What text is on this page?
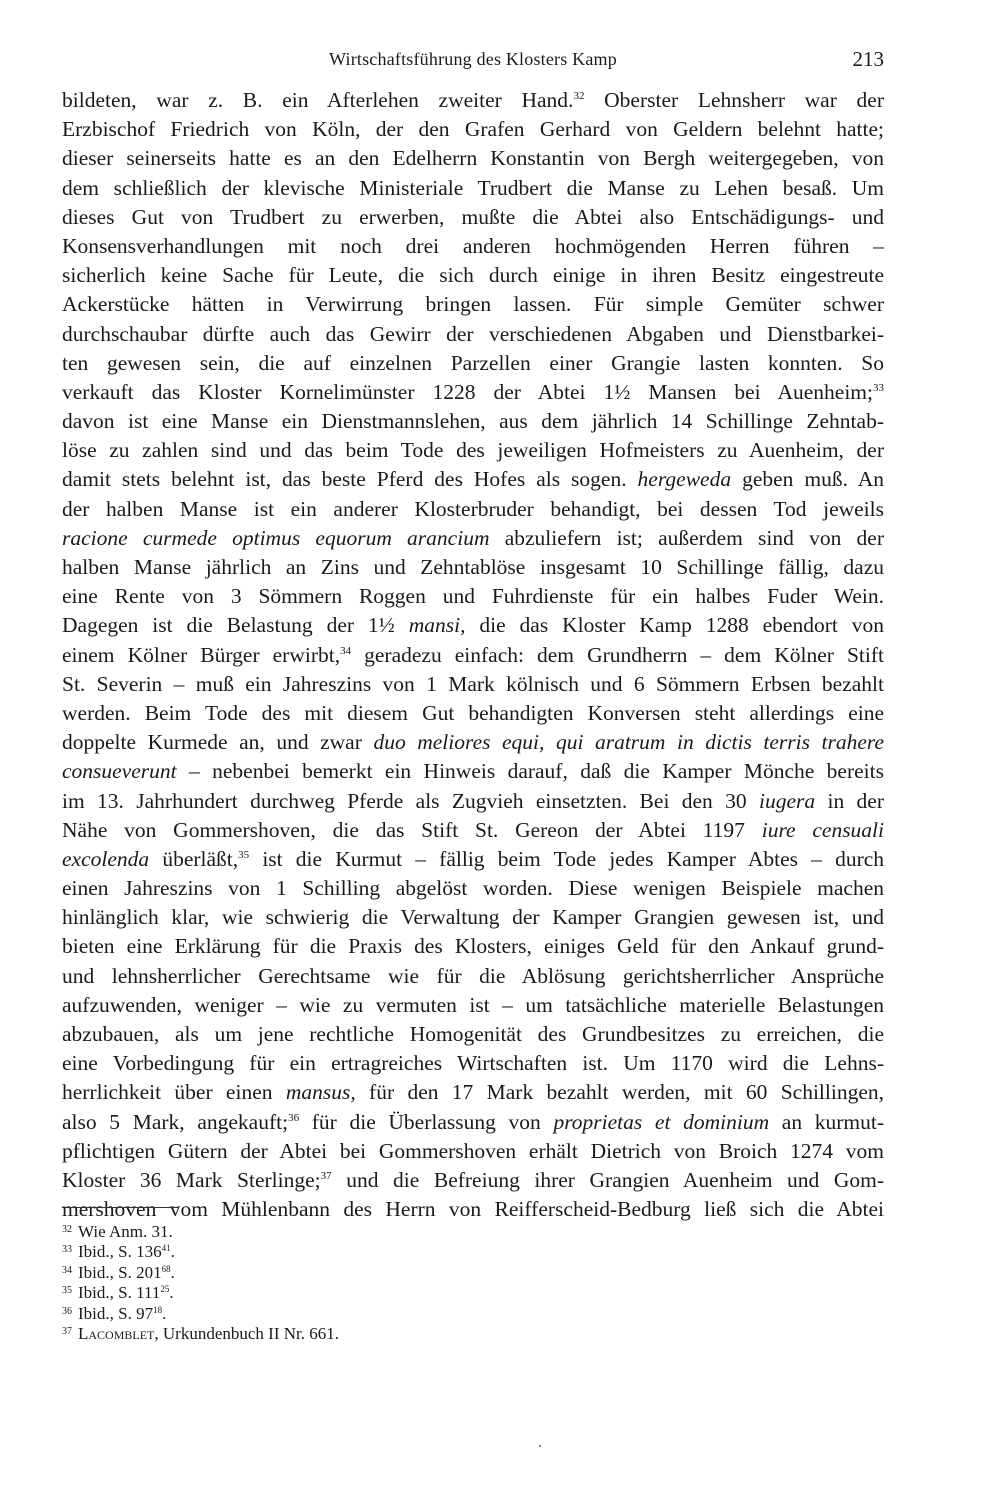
Wirtschaftsführung des Klosters Kamp	213
bildeten, war z. B. ein Afterlehen zweiter Hand.$^{32}$ Oberster Lehnsherr war der
Erzbischof Friedrich von Köln, der den Grafen Gerhard von Geldern belehnt hatte;
dieser seinerseits hatte es an den Edelherrn Konstantin von Bergh weitergegeben, von
dem schließlich der klevische Ministeriale Trudbert die Manse zu Lehen besaß. Um
dieses Gut von Trudbert zu erwerben, mußte die Abtei also Entschädigungs- und
Konsensverhandlungen mit noch drei anderen hochmögenden Herren führen –
sicherlich keine Sache für Leute, die sich durch einige in ihren Besitz eingestreute
Ackerstücke hätten in Verwirrung bringen lassen. Für simple Gemüter schwer
durchschaubar dürfte auch das Gewirr der verschiedenen Abgaben und Dienstbarkei-
ten gewesen sein, die auf einzelnen Parzellen einer Grangie lasten konnten. So
verkauft das Kloster Kornelimünster 1228 der Abtei 1½ Mansen bei Auenheim;$^{33}$
davon ist eine Manse ein Dienstmannslehen, aus dem jährlich 14 Schillinge Zehntab-
löse zu zahlen sind und das beim Tode des jeweiligen Hofmeisters zu Auenheim, der
damit stets belehnt ist, das beste Pferd des Hofes als sogen. hergeweda geben muß. An
der halben Manse ist ein anderer Klosterbruder behandigt, bei dessen Tod jeweils
racione curmede optimus equorum arancium abzuliefern ist; außerdem sind von der
halben Manse jährlich an Zins und Zehntablöse insgesamt 10 Schillinge fällig, dazu
eine Rente von 3 Sömmern Roggen und Fuhrdienste für ein halbes Fuder Wein.
Dagegen ist die Belastung der 1½ mansi, die das Kloster Kamp 1288 ebendort von
einem Kölner Bürger erwirbt,$^{34}$ geradezu einfach: dem Grundherrn – dem Kölner Stift
St. Severin – muß ein Jahreszins von 1 Mark kölnisch und 6 Sömmern Erbsen bezahlt
werden. Beim Tode des mit diesem Gut behandigten Konversen steht allerdings eine
doppelte Kurmede an, und zwar duo meliores equi, qui aratrum in dictis terris trahere
consueverunt – nebenbei bemerkt ein Hinweis darauf, daß die Kamper Mönche bereits
im 13. Jahrhundert durchweg Pferde als Zugvieh einsetzten. Bei den 30 iugera in der
Nähe von Gommershoven, die das Stift St. Gereon der Abtei 1197 iure censuali
excolenda überläßt,$^{35}$ ist die Kurmut – fällig beim Tode jedes Kamper Abtes – durch
einen Jahreszins von 1 Schilling abgelöst worden. Diese wenigen Beispiele machen
hinlänglich klar, wie schwierig die Verwaltung der Kamper Grangien gewesen ist, und
bieten eine Erklärung für die Praxis des Klosters, einiges Geld für den Ankauf grund-
und lehnsherrlicher Gerechtsame wie für die Ablösung gerichtsherrlicher Ansprüche
aufzuwenden, weniger – wie zu vermuten ist – um tatsächliche materielle Belastungen
abzubauen, als um jene rechtliche Homogenität des Grundbesitzes zu erreichen, die
eine Vorbedingung für ein ertragreiches Wirtschaften ist. Um 1170 wird die Lehns-
herrlichkeit über einen mansus, für den 17 Mark bezahlt werden, mit 60 Schillingen,
also 5 Mark, angekauft;$^{36}$ für die Überlassung von proprietas et dominium an kurmut-
pflichtigen Gütern der Abtei bei Gommershoven erhält Dietrich von Broich 1274 vom
Kloster 36 Mark Sterlinge;$^{37}$ und die Befreiung ihrer Grangien Auenheim und Gom-
mershoven vom Mühlenbann des Herrn von Reifferscheid-Bedburg ließ sich die Abtei
$^{32}$ Wie Anm. 31.
$^{33}$ Ibid., S. $136^{41}$.
$^{34}$ Ibid., S. $201^{68}$.
$^{35}$ Ibid., S. $111^{25}$.
$^{36}$ Ibid., S. $97^{18}$.
$^{37}$ Lacomblet, Urkundenbuch II Nr. 661.
